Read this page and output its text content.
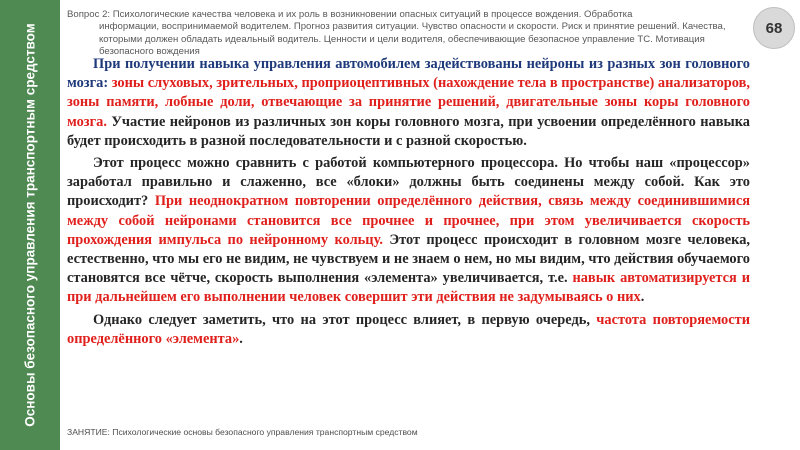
Основы безопасного управления транспортным средством
Вопрос 2: Психологические качества человека и их роль в возникновении опасных ситуаций в процессе вождения. Обработка
информации, воспринимаемой водителем. Прогноз развития ситуации. Чувство опасности и скорости. Риск и принятие решений. Качества, которыми должен обладать идеальный водитель. Ценности и цели водителя, обеспечивающие безопасное управление ТС. Мотивация безопасного вождения
68

При получении навыка управления автомобилем задействованы нейроны из разных зон головного мозга: зоны слуховых, зрительных, проприоцептивных (нахождение тела в пространстве) анализаторов, зоны памяти, лобные доли, отвечающие за принятие решений, двигательные зоны коры головного мозга. Участие нейронов из различных зон коры головного мозга, при усвоении определённого навыка будет происходить в разной последовательности и с разной скоростью.

Этот процесс можно сравнить с работой компьютерного процессора. Но чтобы наш «процессор» заработал правильно и слаженно, все «блоки» должны быть соединены между собой. Как это происходит? При неоднократном повторении определённого действия, связь между соединившимися между собой нейронами становится все прочнее и прочнее, при этом увеличивается скорость прохождения импульса по нейронному кольцу. Этот процесс происходит в головном мозге человека, естественно, что мы его не видим, не чувствуем и не знаем о нем, но мы видим, что действия обучаемого становятся все чётче, скорость выполнения «элемента» увеличивается, т.е. навык автоматизируется и при дальнейшем его выполнении человек совершит эти действия не задумываясь о них.

Однако следует заметить, что на этот процесс влияет, в первую очередь, частота повторяемости определённого «элемента».

ЗАНЯТИЕ: Психологические основы безопасного управления транспортным средством
